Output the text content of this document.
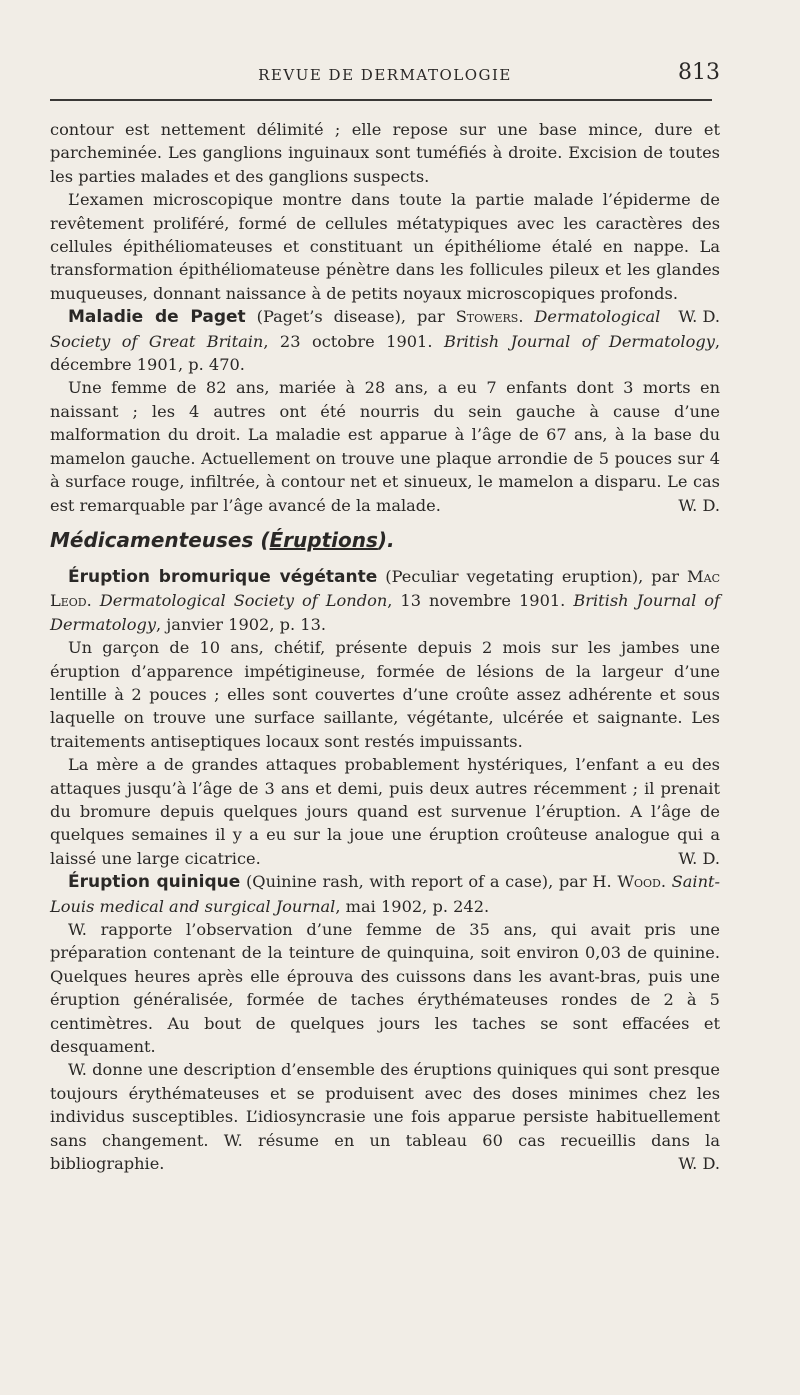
REVUE DE DERMATOLOGIE	813

contour est nettement délimité ; elle repose sur une base mince, dure et parcheminée. Les ganglions inguinaux sont tuméfiés à droite. Excision de toutes les parties malades et des ganglions suspects.

L’examen microscopique montre dans toute la partie malade l’épiderme de revêtement proliféré, formé de cellules métatypiques avec les caractères des cellules épithéliomateuses et constituant un épithéliome étalé en nappe. La transformation épithéliomateuse pénètre dans les follicules pileux et les glandes muqueuses, donnant naissance à de petits noyaux microscopiques profonds.
W. D.

Maladie de Paget (Paget’s disease), par Stowers. Dermatological Society of Great Britain, 23 octobre 1901. British Journal of Dermatology, décembre 1901, p. 470.

Une femme de 82 ans, mariée à 28 ans, a eu 7 enfants dont 3 morts en naissant ; les 4 autres ont été nourris du sein gauche à cause d’une malformation du droit. La maladie est apparue à l’âge de 67 ans, à la base du mamelon gauche. Actuellement on trouve une plaque arrondie de 5 pouces sur 4 à surface rouge, infiltrée, à contour net et sinueux, le mamelon a disparu. Le cas est remarquable par l’âge avancé de la malade.	W. D.

Médicamenteuses (Éruptions).

Éruption bromurique végétante (Peculiar vegetating eruption), par Mac Leod. Dermatological Society of London, 13 novembre 1901. British Journal of Dermatology, janvier 1902, p. 13.

Un garçon de 10 ans, chétif, présente depuis 2 mois sur les jambes une éruption d’apparence impétigineuse, formée de lésions de la largeur d’une lentille à 2 pouces ; elles sont couvertes d’une croûte assez adhérente et sous laquelle on trouve une surface saillante, végétante, ulcérée et saignante. Les traitements antiseptiques locaux sont restés impuissants.

La mère a de grandes attaques probablement hystériques, l’enfant a eu des attaques jusqu’à l’âge de 3 ans et demi, puis deux autres récemment ; il prenait du bromure depuis quelques jours quand est survenue l’éruption. A l’âge de quelques semaines il y a eu sur la joue une éruption croûteuse analogue qui a laissé une large cicatrice.	W. D.

Éruption quinique (Quinine rash, with report of a case), par H. Wood. Saint-Louis medical and surgical Journal, mai 1902, p. 242.

W. rapporte l’observation d’une femme de 35 ans, qui avait pris une préparation contenant de la teinture de quinquina, soit environ 0,03 de quinine. Quelques heures après elle éprouva des cuissons dans les avant-bras, puis une éruption généralisée, formée de taches érythémateuses rondes de 2 à 5 centimètres. Au bout de quelques jours les taches se sont effacées et desquament.

W. donne une description d’ensemble des éruptions quiniques qui sont presque toujours érythémateuses et se produisent avec des doses minimes chez les individus susceptibles. L’idiosyncrasie une fois apparue persiste habituellement sans changement. W. résume en un tableau 60 cas recueillis dans la bibliographie.	W. D.
